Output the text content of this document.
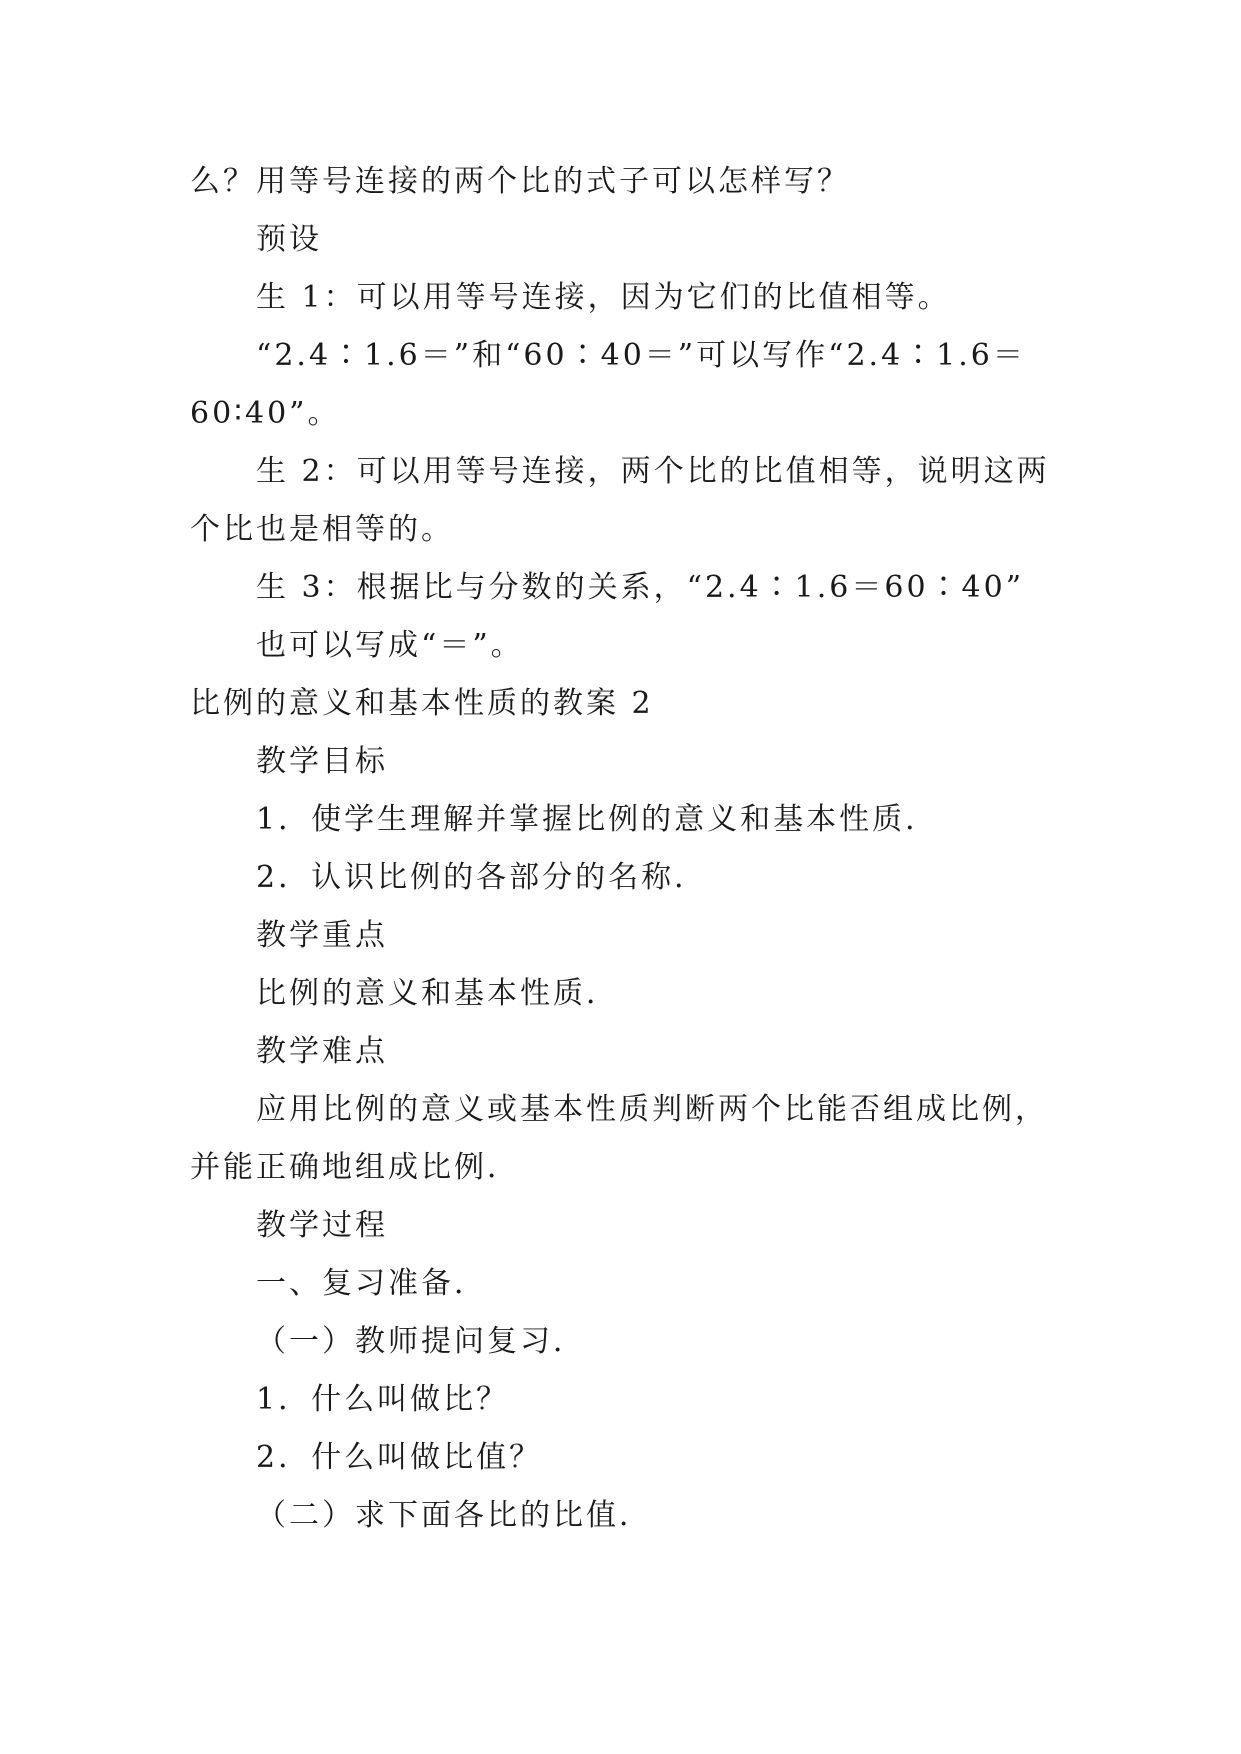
么？用等号连接的两个比的式子可以怎样写？
预设
生 1：可以用等号连接，因为它们的比值相等。
“2.4∶1.6＝”和“60∶40＝”可以写作“2.4∶1.6＝
60∶40”。
生 2：可以用等号连接，两个比的比值相等，说明这两
个比也是相等的。
生 3：根据比与分数的关系，“2.4∶1.6＝60∶40”
也可以写成“＝”。
比例的意义和基本性质的教案 2
教学目标
1．使学生理解并掌握比例的意义和基本性质．
2．认识比例的各部分的名称．
教学重点
比例的意义和基本性质．
教学难点
应用比例的意义或基本性质判断两个比能否组成比例，
并能正确地组成比例．
教学过程
一、复习准备．
（一）教师提问复习．
1．什么叫做比？
2．什么叫做比值？
（二）求下面各比的比值．
